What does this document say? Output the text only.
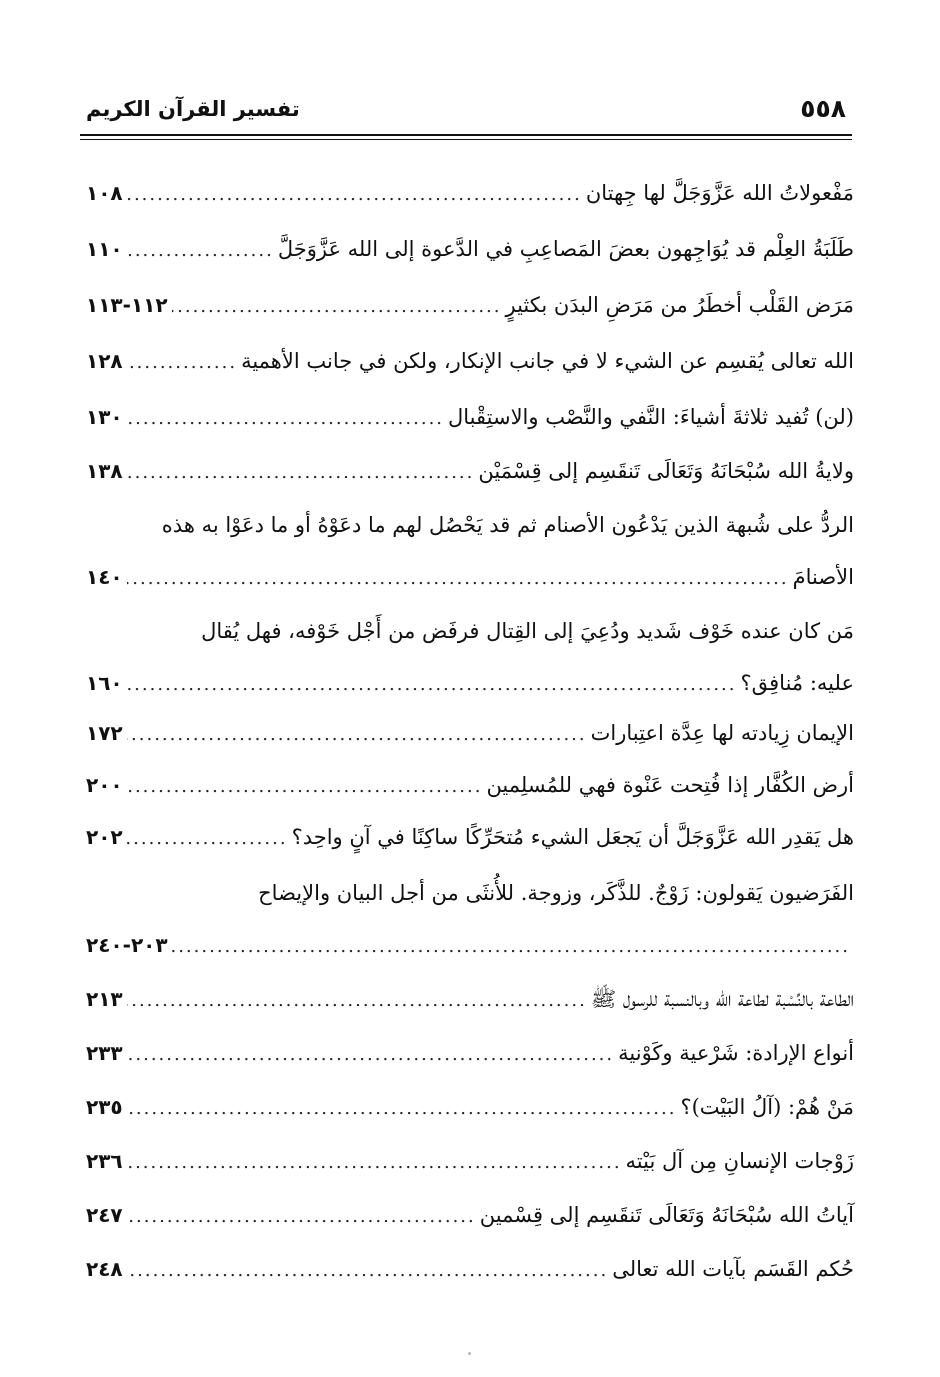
٥٥٨
تفسير القرآن الكريم
مَفْعولاتُ الله عَزَّوَجَلَّ لها جِهتان
.....
١٠٨
طَلَبَةُ العِلْم قد يُوَاجِهون بعضَ المَصاعِبِ في الدَّعوة إلى الله عَزَّوَجَلَّ
.....
١١٠
مَرَض القَلْب أخطَرُ من مَرَضِ البدَن بكثيرٍ
.....
١١٢-١١٣
الله تعالى يُقسِم عن الشيء لا في جانب الإنكار، ولكن في جانب الأهمية
.....
١٢٨
(لن) تُفيد ثلاثةَ أشياءَ: النَّفي والنَّصْب والاستِقْبال
.....
١٣٠
ولايةُ الله سُبْحَانَهُ وَتَعَالَى تَنقَسِم إلى قِسْمَيْن
.....
١٣٨
الردُّ على شُبهة الذين يَدْعُون الأصنام ثم قد يَحْصُل لهم ما دعَوْهُ أو ما دعَوْا به هذه
الأصنامَ
.....
١٤٠
مَن كان عنده خَوْف شَديد ودُعِيَ إلى القِتال فرفَض من أَجْل خَوْفه، فهل يُقال
عليه: مُنافِق؟
.....
١٦٠
الإيمان زِيادته لها عِدَّة اعتِبارات
.....
١٧٢
أرض الكُفَّار إذا فُتِحت عَنْوة فهي للمُسلِمين
.....
٢٠٠
هل يَقدِر الله عَزَّوَجَلَّ أن يَجعَل الشيء مُتحَرِّكًا ساكِنًا في آنٍ واحِد؟
.....
٢٠٢
الفَرَضيون يَقولون: زَوْجٌ. للذَّكَر، وزوجة. للأُنثَى من أجل البيان والإيضاح
.....
٢٠٣-٢٤٠
الطاعة بالنِّسْبة لطاعة الله وبالنسبة للرسول ﷺ
.....
٢١٣
أنواع الإرادة: شَرْعية وكَوْنية
.....
٢٣٣
مَنْ هُمْ: (آلُ البَيْت)؟
.....
٢٣٥
زَوْجات الإنسانِ مِن آل بَيْته
.....
٢٣٦
آياتُ الله سُبْحَانَهُ وَتَعَالَى تَنقَسِم إلى قِسْمين
.....
٢٤٧
حُكم القَسَم بآيات الله تعالى
.....
٢٤٨
